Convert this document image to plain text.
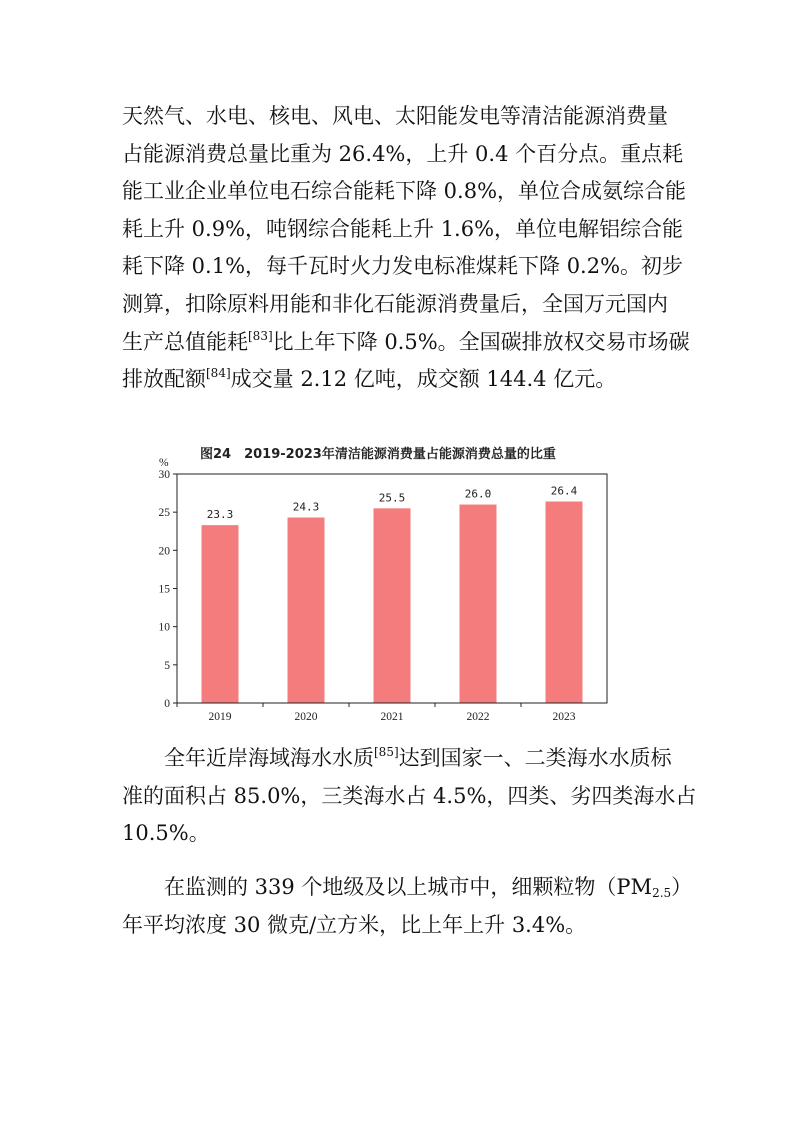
天然气、水电、核电、风电、太阳能发电等清洁能源消费量
占能源消费总量比重为 26.4%，上升 0.4 个百分点。重点耗
能工业企业单位电石综合能耗下降 0.8%，单位合成氨综合能
耗上升 0.9%，吨钢综合能耗上升 1.6%，单位电解铝综合能
耗下降 0.1%，每千瓦时火力发电标准煤耗下降 0.2%。初步
测算，扣除原料用能和非化石能源消费量后，全国万元国内
生产总值能耗[83]比上年下降 0.5%。全国碳排放权交易市场碳
排放配额[84]成交量 2.12 亿吨，成交额 144.4 亿元。
图24　2019-2023年清洁能源消费量占能源消费总量的比重
%
0
5
10
15
20
25
30
23.3
24.3
25.5	26.0	26.4
2019	2020	2021	2022	2023
全年近岸海域海水水质[85]达到国家一、二类海水水质标
准的面积占 85.0%，三类海水占 4.5%，四类、劣四类海水占
10.5%。
在监测的 339 个地级及以上城市中，细颗粒物$(PM_{2.5})$
年平均浓度 30 微克/立方米，比上年上升 3.4%。
